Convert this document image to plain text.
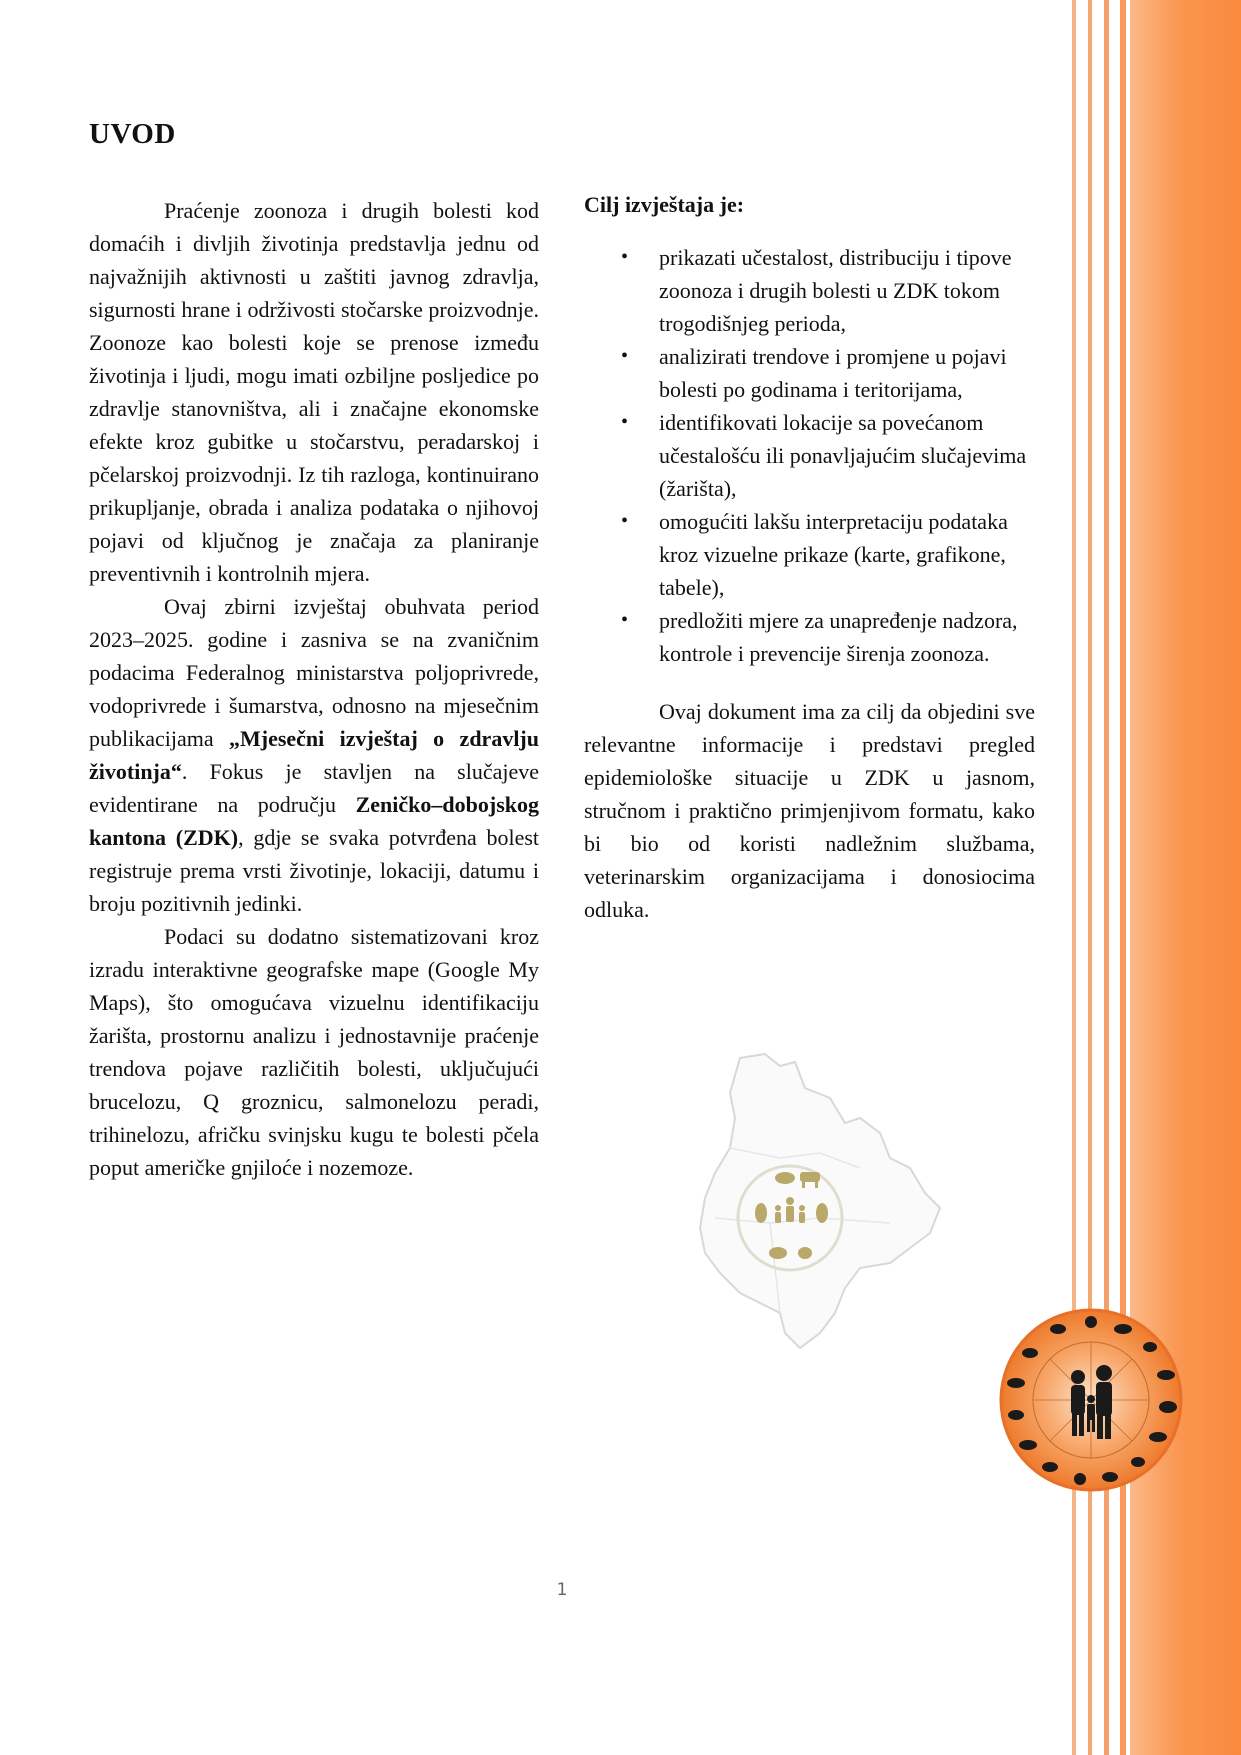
UVOD

Praćenje zoonoza i drugih bolesti kod domaćih i divljih životinja predstavlja jednu od najvažnijih aktivnosti u zaštiti javnog zdravlja, sigurnosti hrane i održivosti stočarske proizvodnje. Zoonoze kao bolesti koje se prenose između životinja i ljudi, mogu imati ozbiljne posljedice po zdravlje stanovništva, ali i značajne ekonomske efekte kroz gubitke u stočarstvu, peradarskoj i pčelarskoj proizvodnji. Iz tih razloga, kontinuirano prikupljanje, obrada i analiza podataka o njihovoj pojavi od ključnog je značaja za planiranje preventivnih i kontrolnih mjera.

Ovaj zbirni izvještaj obuhvata period 2023–2025. godine i zasniva se na zvaničnim podacima Federalnog ministarstva poljoprivrede, vodoprivrede i šumarstva, odnosno na mjesečnim publikacijama „Mjesečni izvještaj o zdravlju životinja“. Fokus je stavljen na slučajeve evidentirane na području Zeničko–dobojskog kantona (ZDK), gdje se svaka potvrđena bolest registruje prema vrsti životinje, lokaciji, datumu i broju pozitivnih jedinki.

Podaci su dodatno sistematizovani kroz izradu interaktivne geografske mape (Google My Maps), što omogućava vizuelnu identifikaciju žarišta, prostornu analizu i jednostavnije praćenje trendova pojave različitih bolesti, uključujući brucelozu, Q groznicu, salmonelozu peradi, trihinelozu, afričku svinjsku kugu te bolesti pčela poput američke gnjiloće i nozemoze.

Cilj izvještaja je:

• prikazati učestalost, distribuciju i tipove zoonoza i drugih bolesti u ZDK tokom trogodišnjeg perioda,
• analizirati trendove i promjene u pojavi bolesti po godinama i teritorijama,
• identifikovati lokacije sa povećanom učestalošću ili ponavljajućim slučajevima (žarišta),
• omogućiti lakšu interpretaciju podataka kroz vizuelne prikaze (karte, grafikone, tabele),
• predložiti mjere za unapređenje nadzora, kontrole i prevencije širenja zoonoza.

Ovaj dokument ima za cilj da objedini sve relevantne informacije i predstavi pregled epidemiološke situacije u ZDK u jasnom, stručnom i praktično primjenjivom formatu, kako bi bio od koristi nadležnim službama, veterinarskim organizacijama i donosiocima odluka.

1
